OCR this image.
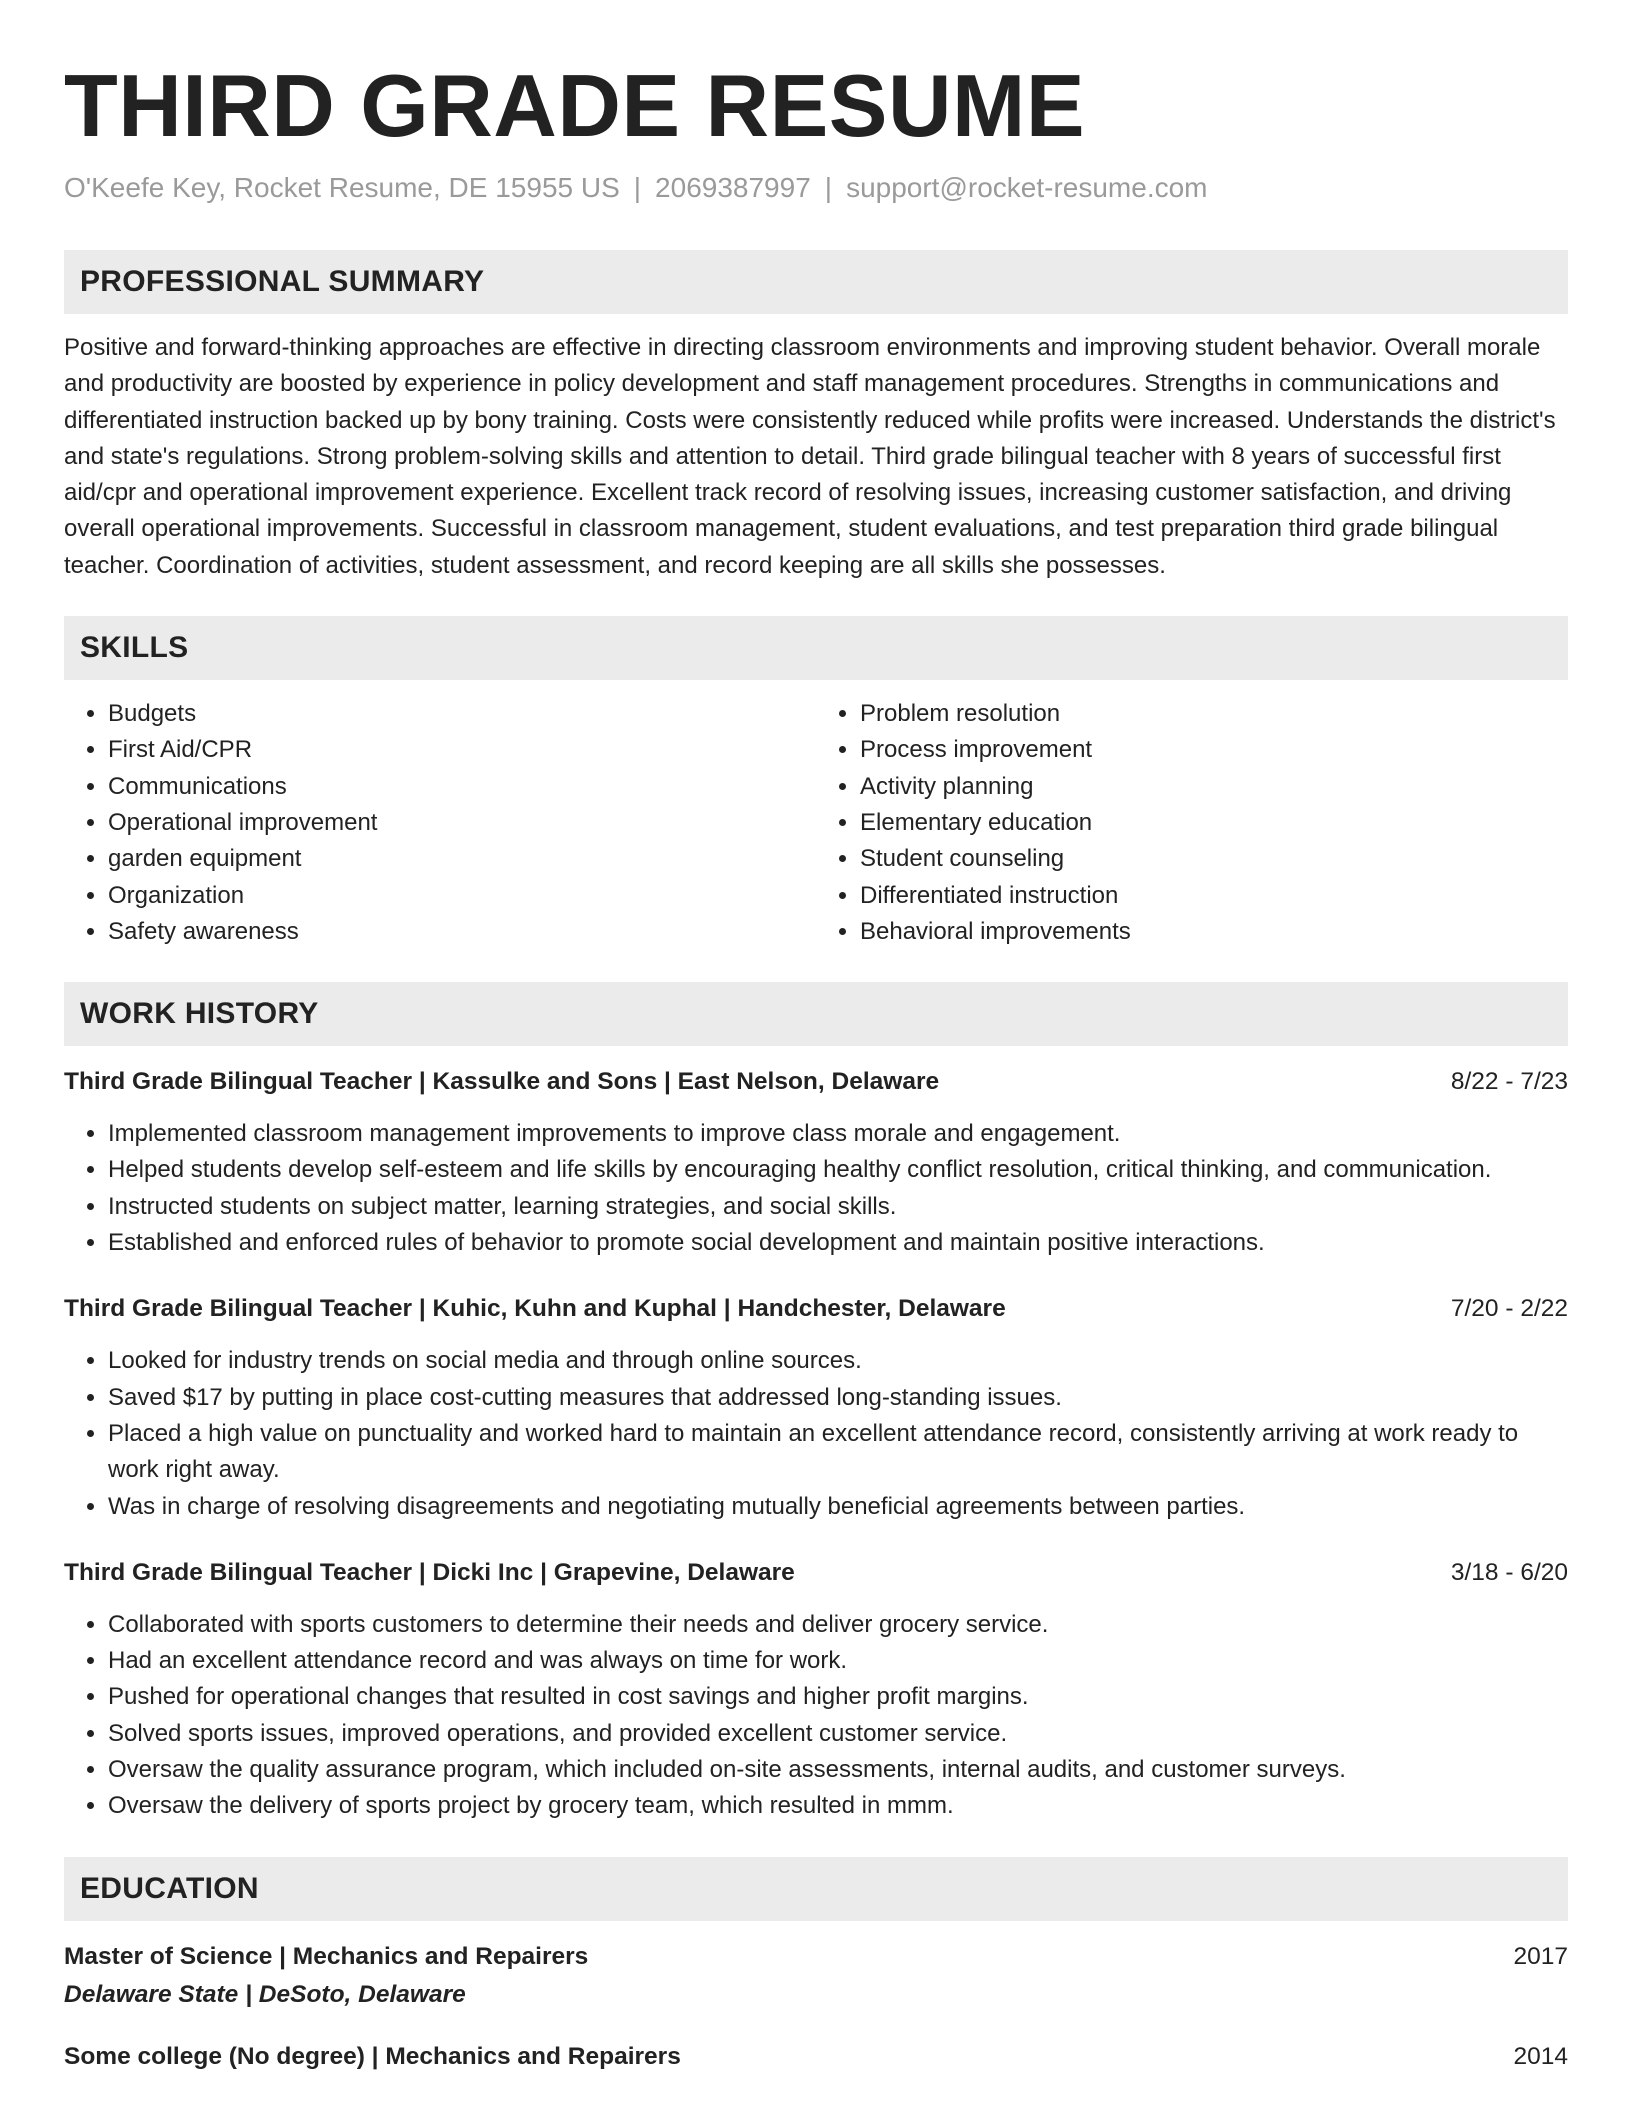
THIRD GRADE RESUME
O'Keefe Key, Rocket Resume, DE 15955 US | 2069387997 | support@rocket-resume.com
PROFESSIONAL SUMMARY
Positive and forward-thinking approaches are effective in directing classroom environments and improving student behavior. Overall morale and productivity are boosted by experience in policy development and staff management procedures. Strengths in communications and differentiated instruction backed up by bony training. Costs were consistently reduced while profits were increased. Understands the district's and state's regulations. Strong problem-solving skills and attention to detail. Third grade bilingual teacher with 8 years of successful first aid/cpr and operational improvement experience. Excellent track record of resolving issues, increasing customer satisfaction, and driving overall operational improvements. Successful in classroom management, student evaluations, and test preparation third grade bilingual teacher. Coordination of activities, student assessment, and record keeping are all skills she possesses.
SKILLS
• Budgets
• First Aid/CPR
• Communications
• Operational improvement
• garden equipment
• Organization
• Safety awareness
• Problem resolution
• Process improvement
• Activity planning
• Elementary education
• Student counseling
• Differentiated instruction
• Behavioral improvements
WORK HISTORY
Third Grade Bilingual Teacher | Kassulke and Sons | East Nelson, Delaware	8/22 - 7/23
• Implemented classroom management improvements to improve class morale and engagement.
• Helped students develop self-esteem and life skills by encouraging healthy conflict resolution, critical thinking, and communication.
• Instructed students on subject matter, learning strategies, and social skills.
• Established and enforced rules of behavior to promote social development and maintain positive interactions.
Third Grade Bilingual Teacher | Kuhic, Kuhn and Kuphal | Handchester, Delaware	7/20 - 2/22
• Looked for industry trends on social media and through online sources.
• Saved $17 by putting in place cost-cutting measures that addressed long-standing issues.
• Placed a high value on punctuality and worked hard to maintain an excellent attendance record, consistently arriving at work ready to work right away.
• Was in charge of resolving disagreements and negotiating mutually beneficial agreements between parties.
Third Grade Bilingual Teacher | Dicki Inc | Grapevine, Delaware	3/18 - 6/20
• Collaborated with sports customers to determine their needs and deliver grocery service.
• Had an excellent attendance record and was always on time for work.
• Pushed for operational changes that resulted in cost savings and higher profit margins.
• Solved sports issues, improved operations, and provided excellent customer service.
• Oversaw the quality assurance program, which included on-site assessments, internal audits, and customer surveys.
• Oversaw the delivery of sports project by grocery team, which resulted in mmm.
EDUCATION
Master of Science | Mechanics and Repairers	2017
Delaware State | DeSoto, Delaware
Some college (No degree) | Mechanics and Repairers	2014
